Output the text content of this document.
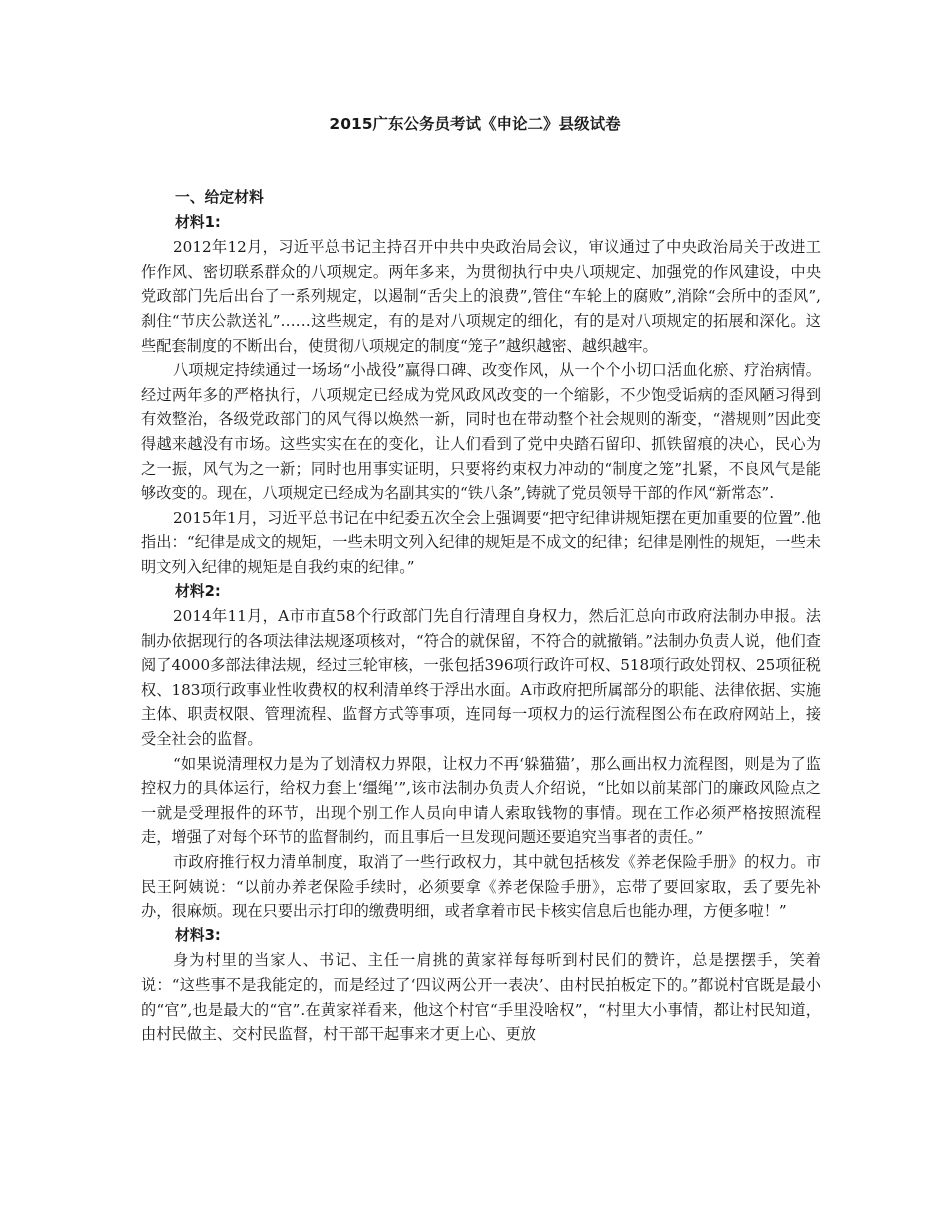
2015广东公务员考试《申论二》县级试卷
一、给定材料
材料1:

2012年12月，习近平总书记主持召开中共中央政治局会议，审议通过了中央政治局关于改进工作作风、密切联系群众的八项规定。两年多来，为贯彻执行中央八项规定、加强党的作风建设，中央党政部门先后出台了一系列规定，以遏制“舌尖上的浪费”,管住“车轮上的腐败”,消除“会所中的歪风”,刹住“节庆公款送礼”……这些规定，有的是对八项规定的细化，有的是对八项规定的拓展和深化。这些配套制度的不断出台，使贯彻八项规定的制度“笼子”越织越密、越织越牢。

八项规定持续通过一场场“小战役”赢得口碑、改变作风，从一个个小切口活血化瘀、疗治病情。经过两年多的严格执行，八项规定已经成为党风政风改变的一个缩影，不少饱受诟病的歪风陋习得到有效整治，各级党政部门的风气得以焕然一新，同时也在带动整个社会规则的渐变，“潜规则”因此变得越来越没有市场。这些实实在在的变化，让人们看到了党中央踏石留印、抓铁留痕的决心，民心为之一振，风气为之一新；同时也用事实证明，只要将约束权力冲动的“制度之笼”扎紧，不良风气是能够改变的。现在，八项规定已经成为名副其实的“铁八条”,铸就了党员领导干部的作风“新常态”.

2015年1月，习近平总书记在中纪委五次全会上强调要“把守纪律讲规矩摆在更加重要的位置”.他指出：“纪律是成文的规矩，一些未明文列入纪律的规矩是不成文的纪律；纪律是刚性的规矩，一些未明文列入纪律的规矩是自我约束的纪律。”

材料2:

2014年11月，A市市直58个行政部门先自行清理自身权力，然后汇总向市政府法制办申报。法制办依据现行的各项法律法规逐项核对，“符合的就保留，不符合的就撤销。”法制办负责人说，他们查阅了4000多部法律法规，经过三轮审核，一张包括396项行政许可权、518项行政处罚权、25项征税权、183项行政事业性收费权的权利清单终于浮出水面。A市政府把所属部分的职能、法律依据、实施主体、职责权限、管理流程、监督方式等事项，连同每一项权力的运行流程图公布在政府网站上，接受全社会的监督。

“如果说清理权力是为了划清权力界限，让权力不再‘躲猫猫’，那么画出权力流程图，则是为了监控权力的具体运行，给权力套上‘缰绳’”,该市法制办负责人介绍说，“比如以前某部门的廉政风险点之一就是受理报件的环节，出现个别工作人员向申请人索取钱物的事情。现在工作必须严格按照流程走，增强了对每个环节的监督制约，而且事后一旦发现问题还要追究当事者的责任。”

市政府推行权力清单制度，取消了一些行政权力，其中就包括核发《养老保险手册》的权力。市民王阿姨说：“以前办养老保险手续时，必须要拿《养老保险手册》，忘带了要回家取，丢了要先补办，很麻烦。现在只要出示打印的缴费明细，或者拿着市民卡核实信息后也能办理，方便多啦！”

材料3:

身为村里的当家人、书记、主任一肩挑的黄家祥每每听到村民们的赞许，总是摆摆手，笑着说：“这些事不是我能定的，而是经过了‘四议两公开一表决’、由村民拍板定下的。”都说村官既是最小的“官”,也是最大的“官”.在黄家祥看来，他这个村官“手里没啥权”，“村里大小事情，都让村民知道，由村民做主、交村民监督，村干部干起事来才更上心、更放
